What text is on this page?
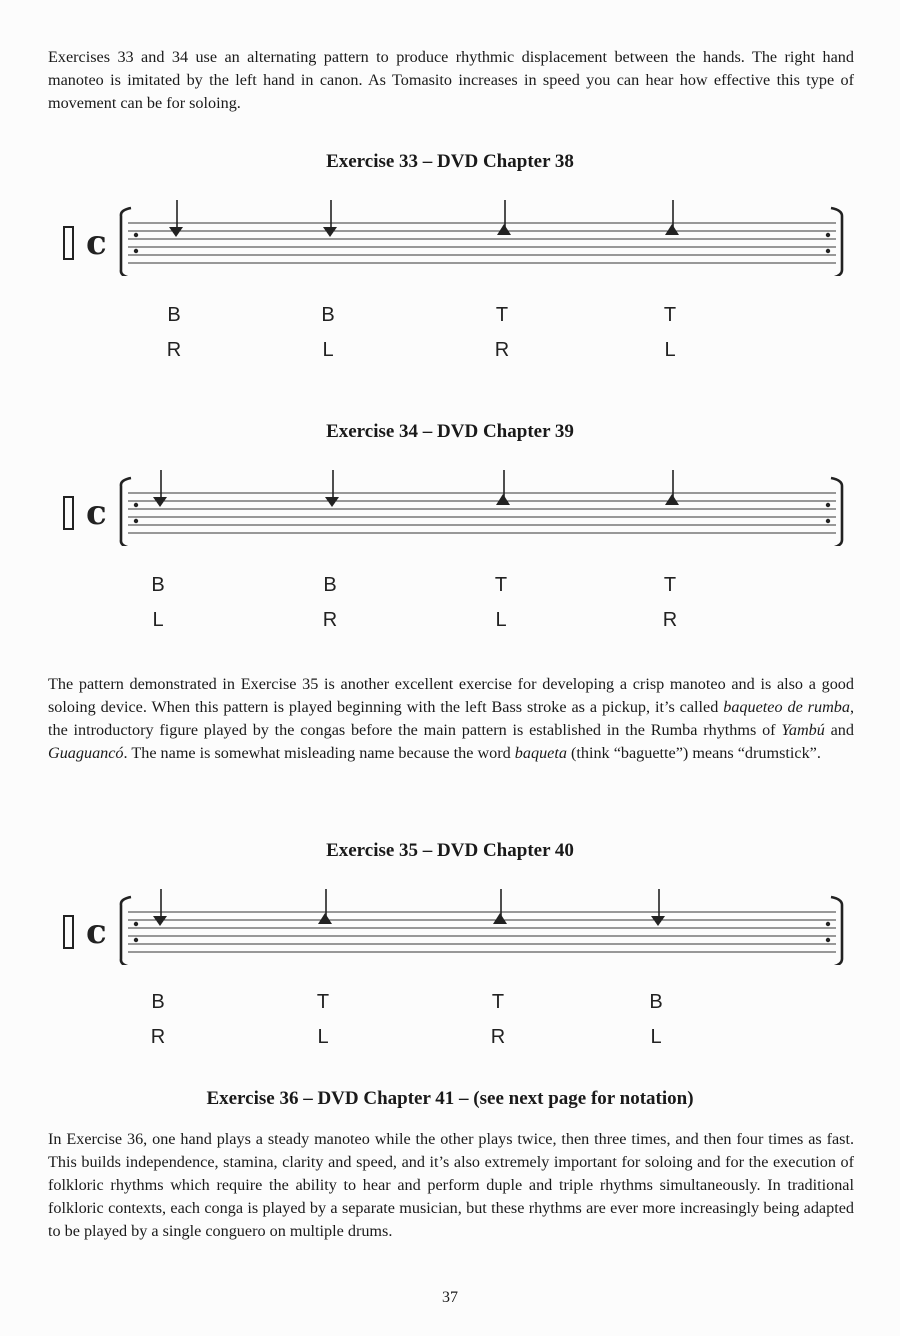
Exercises 33 and 34 use an alternating pattern to produce rhythmic displacement between the hands. The right hand manoteo is imitated by the left hand in canon. As Tomasito increases in speed you can hear how effective this type of movement can be for soloing.

Exercise 33 – DVD Chapter 38
c
B
R
B
L
T
R
T
L
Exercise 34 – DVD Chapter 39
c
B
L
B
R
T
L
T
R

The pattern demonstrated in Exercise 35 is another excellent exercise for developing a crisp manoteo and is also a good soloing device. When this pattern is played beginning with the left Bass stroke as a pickup, it’s called baqueteo de rumba, the introductory figure played by the congas before the main pattern is established in the Rumba rhythms of Yambú and Guaguancó. The name is somewhat misleading name because the word baqueta (think “baguette”) means “drumstick”.

Exercise 35 – DVD Chapter 40
c
B
R
T
L
T
R
B
L
Exercise 36 – DVD Chapter 41 – (see next page for notation)

In Exercise 36, one hand plays a steady manoteo while the other plays twice, then three times, and then four times as fast. This builds independence, stamina, clarity and speed, and it’s also extremely important for soloing and for the execution of folkloric rhythms which require the ability to hear and perform duple and triple rhythms simultaneously. In traditional folkloric contexts, each conga is played by a separate musician, but these rhythms are ever more increasingly being adapted to be played by a single conguero on multiple drums.

37
